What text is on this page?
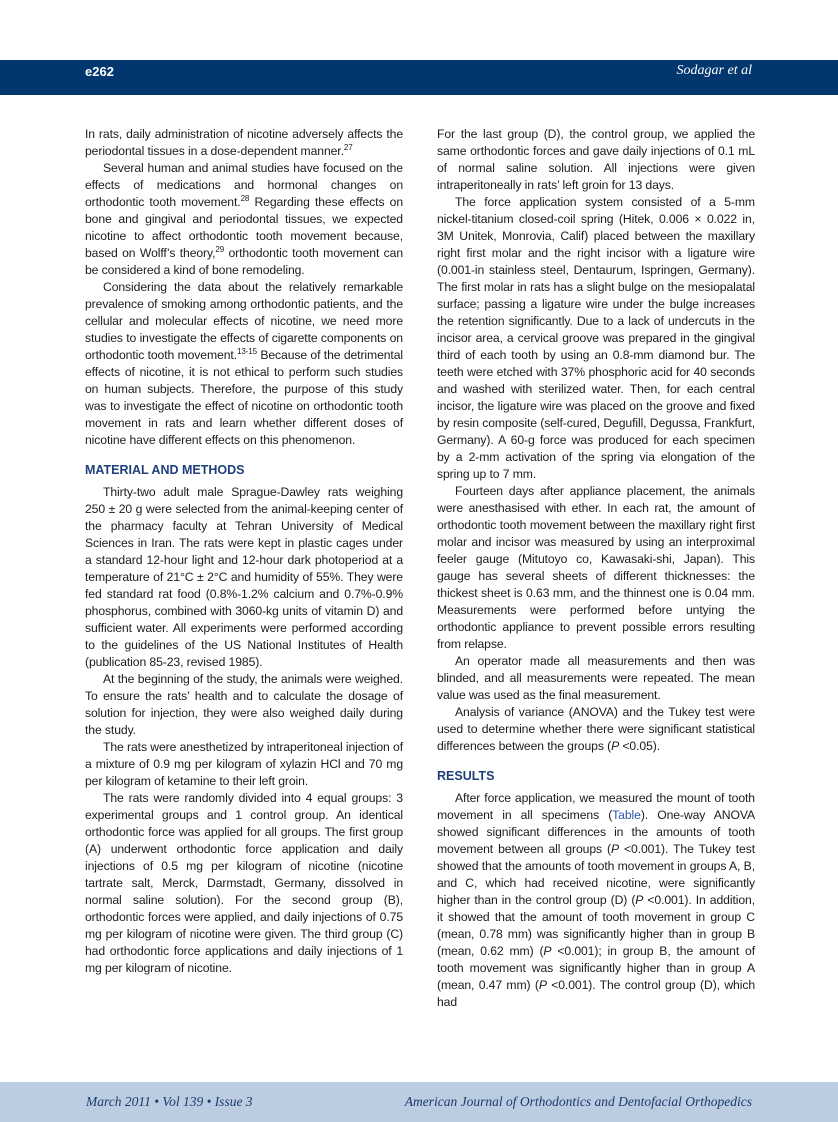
e262	Sodagar et al

In rats, daily administration of nicotine adversely affects the periodontal tissues in a dose-dependent manner.$^{27}$

Several human and animal studies have focused on the effects of medications and hormonal changes on orthodontic tooth movement.$^{28}$ Regarding these effects on bone and gingival and periodontal tissues, we expected nicotine to affect orthodontic tooth movement because, based on Wolff’s theory,$^{29}$ orthodontic tooth movement can be considered a kind of bone remodeling.

Considering the data about the relatively remarkable prevalence of smoking among orthodontic patients, and the cellular and molecular effects of nicotine, we need more studies to investigate the effects of cigarette components on orthodontic tooth movement.$^{13-15}$ Because of the detrimental effects of nicotine, it is not ethical to perform such studies on human subjects. Therefore, the purpose of this study was to investigate the effect of nicotine on orthodontic tooth movement in rats and learn whether different doses of nicotine have different effects on this phenomenon.

MATERIAL AND METHODS

Thirty-two adult male Sprague-Dawley rats weighing 250 ± 20 g were selected from the animal-keeping center of the pharmacy faculty at Tehran University of Medical Sciences in Iran. The rats were kept in plastic cages under a standard 12-hour light and 12-hour dark photoperiod at a temperature of 21°C ± 2°C and humidity of 55%. They were fed standard rat food (0.8%-1.2% calcium and 0.7%-0.9% phosphorus, combined with 3060-kg units of vitamin D) and sufficient water. All experiments were performed according to the guidelines of the US National Institutes of Health (publication 85-23, revised 1985).

At the beginning of the study, the animals were weighed. To ensure the rats’ health and to calculate the dosage of solution for injection, they were also weighed daily during the study.

The rats were anesthetized by intraperitoneal injection of a mixture of 0.9 mg per kilogram of xylazin HCl and 70 mg per kilogram of ketamine to their left groin.

The rats were randomly divided into 4 equal groups: 3 experimental groups and 1 control group. An identical orthodontic force was applied for all groups. The first group (A) underwent orthodontic force application and daily injections of 0.5 mg per kilogram of nicotine (nicotine tartrate salt, Merck, Darmstadt, Germany, dissolved in normal saline solution). For the second group (B), orthodontic forces were applied, and daily injections of 0.75 mg per kilogram of nicotine were given. The third group (C) had orthodontic force applications and daily injections of 1 mg per kilogram of nicotine.

For the last group (D), the control group, we applied the same orthodontic forces and gave daily injections of 0.1 mL of normal saline solution. All injections were given intraperitoneally in rats’ left groin for 13 days.

The force application system consisted of a 5-mm nickel-titanium closed-coil spring (Hitek, 0.006 × 0.022 in, 3M Unitek, Monrovia, Calif) placed between the maxillary right first molar and the right incisor with a ligature wire (0.001-in stainless steel, Dentaurum, Ispringen, Germany). The first molar in rats has a slight bulge on the mesiopalatal surface; passing a ligature wire under the bulge increases the retention significantly. Due to a lack of undercuts in the incisor area, a cervical groove was prepared in the gingival third of each tooth by using an 0.8-mm diamond bur. The teeth were etched with 37% phosphoric acid for 40 seconds and washed with sterilized water. Then, for each central incisor, the ligature wire was placed on the groove and fixed by resin composite (self-cured, Degufill, Degussa, Frankfurt, Germany). A 60-g force was produced for each specimen by a 2-mm activation of the spring via elongation of the spring up to 7 mm.

Fourteen days after appliance placement, the animals were anesthasised with ether. In each rat, the amount of orthodontic tooth movement between the maxillary right first molar and incisor was measured by using an interproximal feeler gauge (Mitutoyo co, Kawasaki-shi, Japan). This gauge has several sheets of different thicknesses: the thickest sheet is 0.63 mm, and the thinnest one is 0.04 mm. Measurements were performed before untying the orthodontic appliance to prevent possible errors resulting from relapse.

An operator made all measurements and then was blinded, and all measurements were repeated. The mean value was used as the final measurement.

Analysis of variance (ANOVA) and the Tukey test were used to determine whether there were significant statistical differences between the groups (P <0.05).

RESULTS

After force application, we measured the mount of tooth movement in all specimens (Table). One-way ANOVA showed significant differences in the amounts of tooth movement between all groups (P <0.001). The Tukey test showed that the amounts of tooth movement in groups A, B, and C, which had received nicotine, were significantly higher than in the control group (D) (P <0.001). In addition, it showed that the amount of tooth movement in group C (mean, 0.78 mm) was significantly higher than in group B (mean, 0.62 mm) (P <0.001); in group B, the amount of tooth movement was significantly higher than in group A (mean, 0.47 mm) (P <0.001). The control group (D), which had

March 2011 • Vol 139 • Issue 3	American Journal of Orthodontics and Dentofacial Orthopedics
